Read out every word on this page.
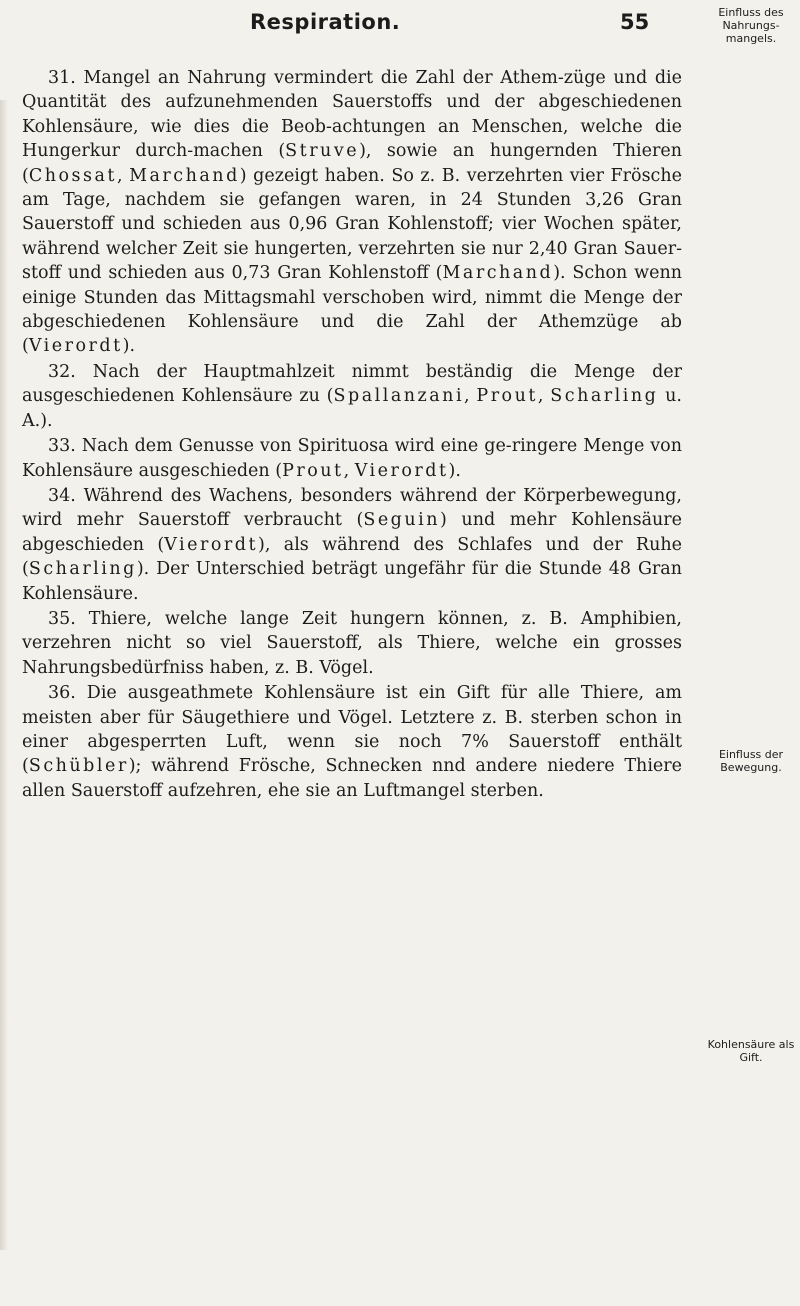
Respiration.	55

31. Mangel an Nahrung vermindert die Zahl der Athem-züge und die Quantität des aufzunehmenden Sauerstoffs und der abgeschiedenen Kohlensäure, wie dies die Beob-achtungen an Menschen, welche die Hungerkur durch-machen (Struve), sowie an hungernden Thieren (Chossat, Marchand) gezeigt haben. So z. B. verzehrten vier Frösche am Tage, nachdem sie gefangen waren, in 24 Stunden 3,26 Gran Sauerstoff und schieden aus 0,96 Gran Kohlenstoff; vier Wochen später, während welcher Zeit sie hungerten, verzehrten sie nur 2,40 Gran Sauer-stoff und schieden aus 0,73 Gran Kohlenstoff (Marchand). Schon wenn einige Stunden das Mittagsmahl verschoben wird, nimmt die Menge der abgeschiedenen Kohlensäure und die Zahl der Athemzüge ab (Vierordt).

32. Nach der Hauptmahlzeit nimmt beständig die Menge der ausgeschiedenen Kohlensäure zu (Spallanzani, Prout, Scharling u. A.).

33. Nach dem Genusse von Spirituosa wird eine ge-ringere Menge von Kohlensäure ausgeschieden (Prout, Vierordt).

34. Während des Wachens, besonders während der Körperbewegung, wird mehr Sauerstoff verbraucht (Seguin) und mehr Kohlensäure abgeschieden (Vierordt), als während des Schlafes und der Ruhe (Scharling). Der Unterschied beträgt ungefähr für die Stunde 48 Gran Kohlensäure.

35. Thiere, welche lange Zeit hungern können, z. B. Amphibien, verzehren nicht so viel Sauerstoff, als Thiere, welche ein grosses Nahrungsbedürfniss haben, z. B. Vögel.

36. Die ausgeathmete Kohlensäure ist ein Gift für alle Thiere, am meisten aber für Säugethiere und Vögel. Letztere z. B. sterben schon in einer abgesperrten Luft, wenn sie noch 7% Sauerstoff enthält (Schübler); während Frösche, Schnecken nnd andere niedere Thiere allen Sauerstoff aufzehren, ehe sie an Luftmangel sterben.

Einfluss des Nahrungs-mangels.
Einfluss der Bewegung.
Kohlensäure als Gift.
